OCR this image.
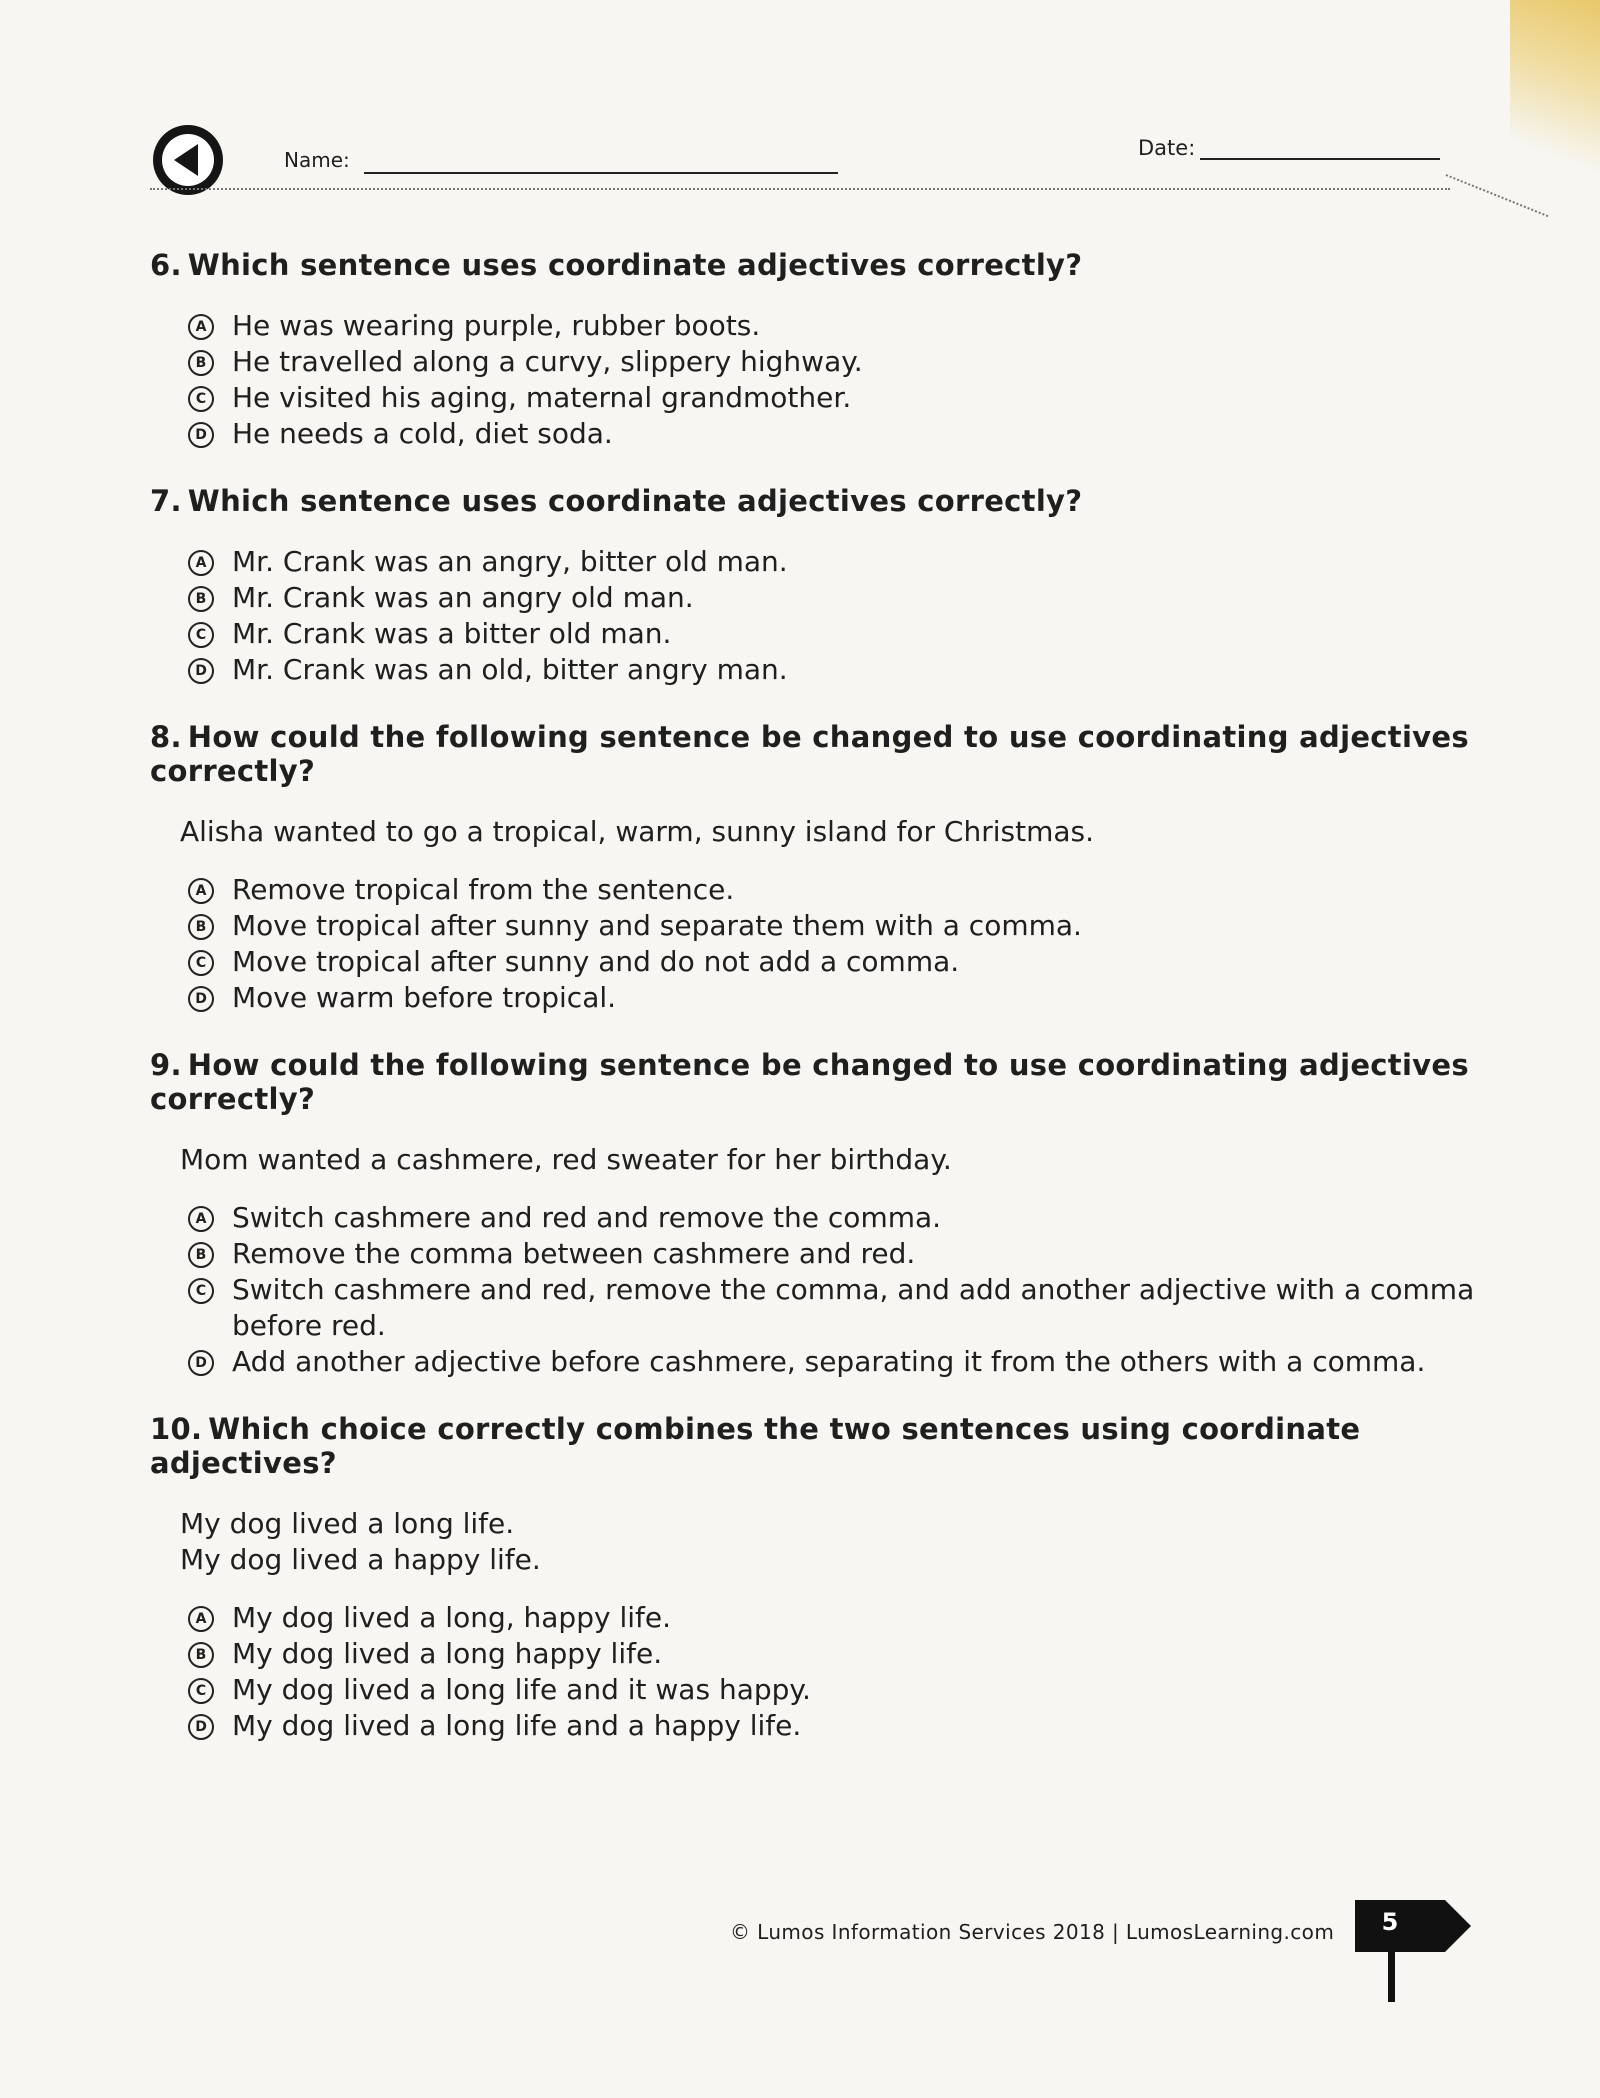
Name:	Date:
6. Which sentence uses coordinate adjectives correctly?
A He was wearing purple, rubber boots.
B He travelled along a curvy, slippery highway.
C He visited his aging, maternal grandmother.
D He needs a cold, diet soda.
7. Which sentence uses coordinate adjectives correctly?
A Mr. Crank was an angry, bitter old man.
B Mr. Crank was an angry old man.
C Mr. Crank was a bitter old man.
D Mr. Crank was an old, bitter angry man.
8. How could the following sentence be changed to use coordinating adjectives correctly?
Alisha wanted to go a tropical, warm, sunny island for Christmas.
A Remove tropical from the sentence.
B Move tropical after sunny and separate them with a comma.
C Move tropical after sunny and do not add a comma.
D Move warm before tropical.
9. How could the following sentence be changed to use coordinating adjectives correctly?
Mom wanted a cashmere, red sweater for her birthday.
A Switch cashmere and red and remove the comma.
B Remove the comma between cashmere and red.
C Switch cashmere and red, remove the comma, and add another adjective with a comma before red.
D Add another adjective before cashmere, separating it from the others with a comma.
10. Which choice correctly combines the two sentences using coordinate adjectives?
My dog lived a long life.
My dog lived a happy life.
A My dog lived a long, happy life.
B My dog lived a long happy life.
C My dog lived a long life and it was happy.
D My dog lived a long life and a happy life.
© Lumos Information Services 2018 | LumosLearning.com	5
